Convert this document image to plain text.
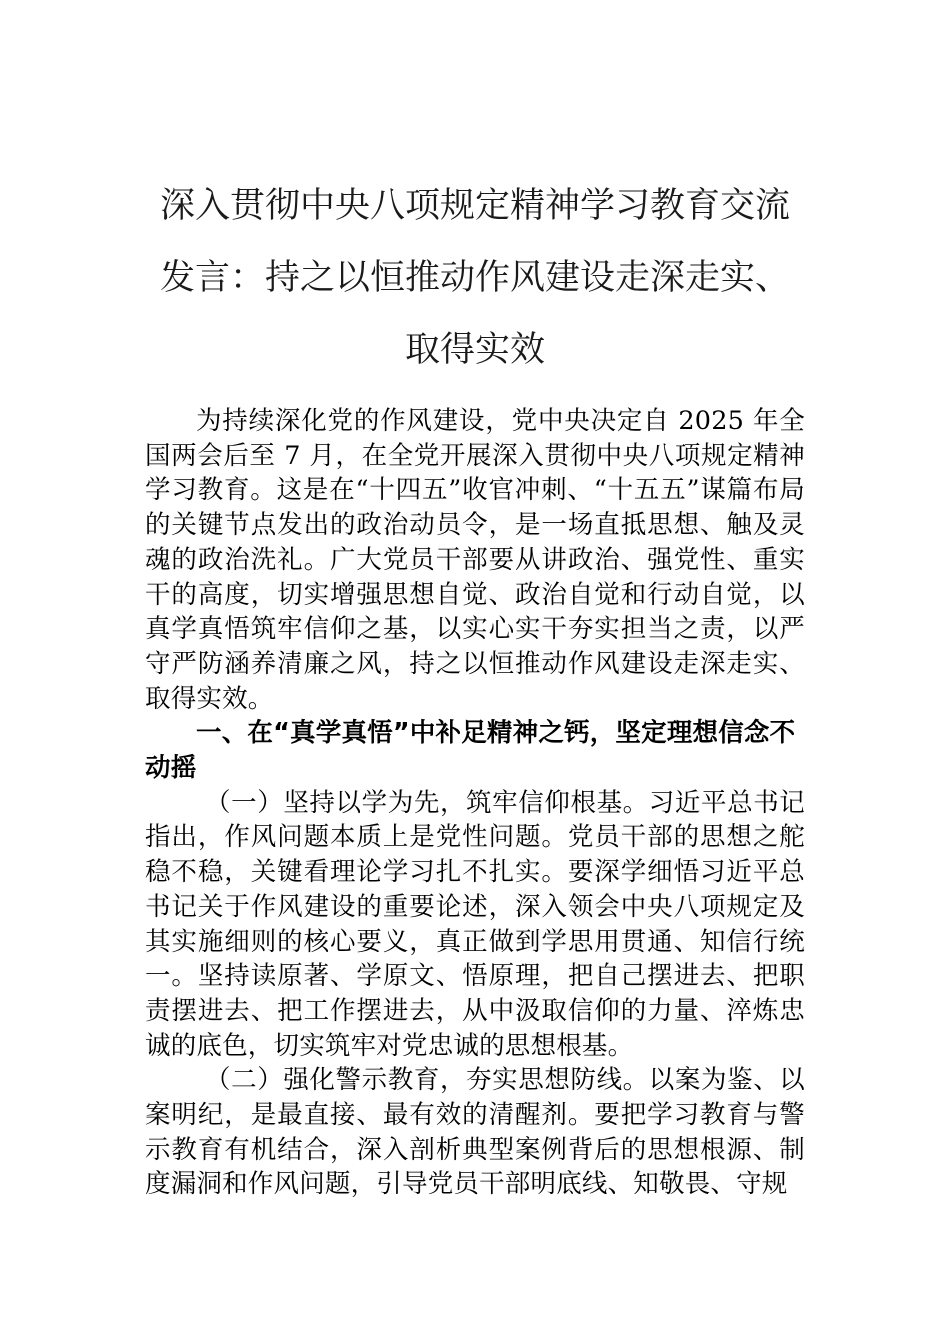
深入贯彻中央八项规定精神学习教育交流
发言：持之以恒推动作风建设走深走实、
取得实效

为持续深化党的作风建设，党中央决定自 2025 年全国两会后至 7 月，在全党开展深入贯彻中央八项规定精神学习教育。这是在“十四五”收官冲刺、“十五五”谋篇布局的关键节点发出的政治动员令，是一场直抵思想、触及灵魂的政治洗礼。广大党员干部要从讲政治、强党性、重实干的高度，切实增强思想自觉、政治自觉和行动自觉，以真学真悟筑牢信仰之基，以实心实干夯实担当之责，以严守严防涵养清廉之风，持之以恒推动作风建设走深走实、取得实效。

一、在“真学真悟”中补足精神之钙，坚定理想信念不动摇

（一）坚持以学为先，筑牢信仰根基。习近平总书记指出，作风问题本质上是党性问题。党员干部的思想之舵稳不稳，关键看理论学习扎不扎实。要深学细悟习近平总书记关于作风建设的重要论述，深入领会中央八项规定及其实施细则的核心要义，真正做到学思用贯通、知信行统一。坚持读原著、学原文、悟原理，把自己摆进去、把职责摆进去、把工作摆进去，从中汲取信仰的力量、淬炼忠诚的底色，切实筑牢对党忠诚的思想根基。

（二）强化警示教育，夯实思想防线。以案为鉴、以案明纪，是最直接、最有效的清醒剂。要把学习教育与警示教育有机结合，深入剖析典型案例背后的思想根源、制度漏洞和作风问题，引导党员干部明底线、知敬畏、守规
